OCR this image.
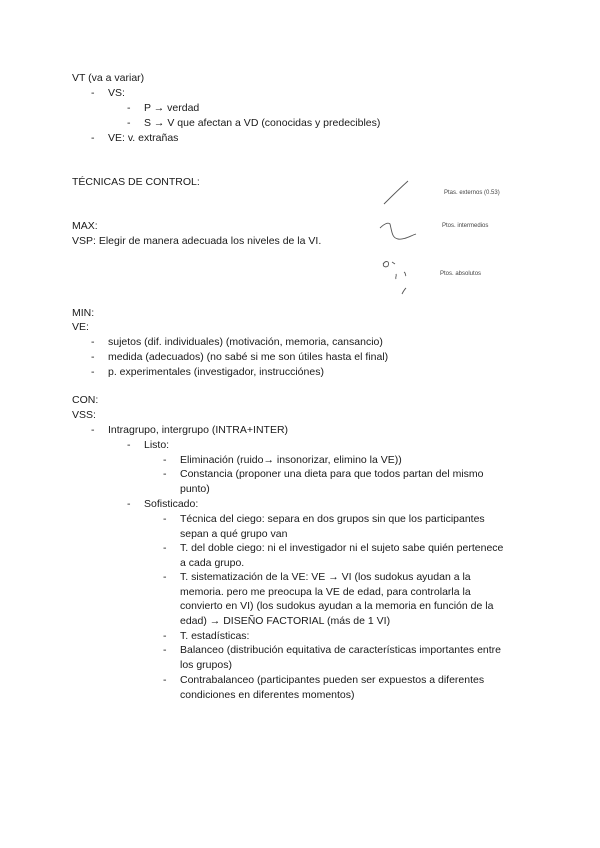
VT (va a variar)
- VS:
- P → verdad
- S → V que afectan a VD (conocidas y predecibles)
- VE: v. extrañas
TÉCNICAS DE CONTROL:
Ptas. externos (0.53)
Ptos. intermedios
Ptos. absolutos
MAX:
VSP: Elegir de manera adecuada los niveles de la VI.
MIN:
VE:
- sujetos (dif. individuales) (motivación, memoria, cansancio)
- medida (adecuados) (no sabé si me son útiles hasta el final)
- p. experimentales (investigador, instrucciónes)
CON:
VSS:
- Intragrupo, intergrupo (INTRA+INTER)
- Listo:
- Eliminación (ruido→ insonorizar, elimino la VE))
- Constancia (proponer una dieta para que todos partan del mismo
punto)
- Sofisticado:
- Técnica del ciego: separa en dos grupos sin que los participantes
sepan a qué grupo van
- T. del doble ciego: ni el investigador ni el sujeto sabe quién pertenece
a cada grupo.
- T. sistematización de la VE: VE → VI (los sudokus ayudan a la
memoria. pero me preocupa la VE de edad, para controlarla la
convierto en VI) (los sudokus ayudan a la memoria en función de la
edad) → DISEÑO FACTORIAL (más de 1 VI)
- T. estadísticas:
- Balanceo (distribución equitativa de características importantes entre
los grupos)
- Contrabalanceo (participantes pueden ser expuestos a diferentes
condiciones en diferentes momentos)
